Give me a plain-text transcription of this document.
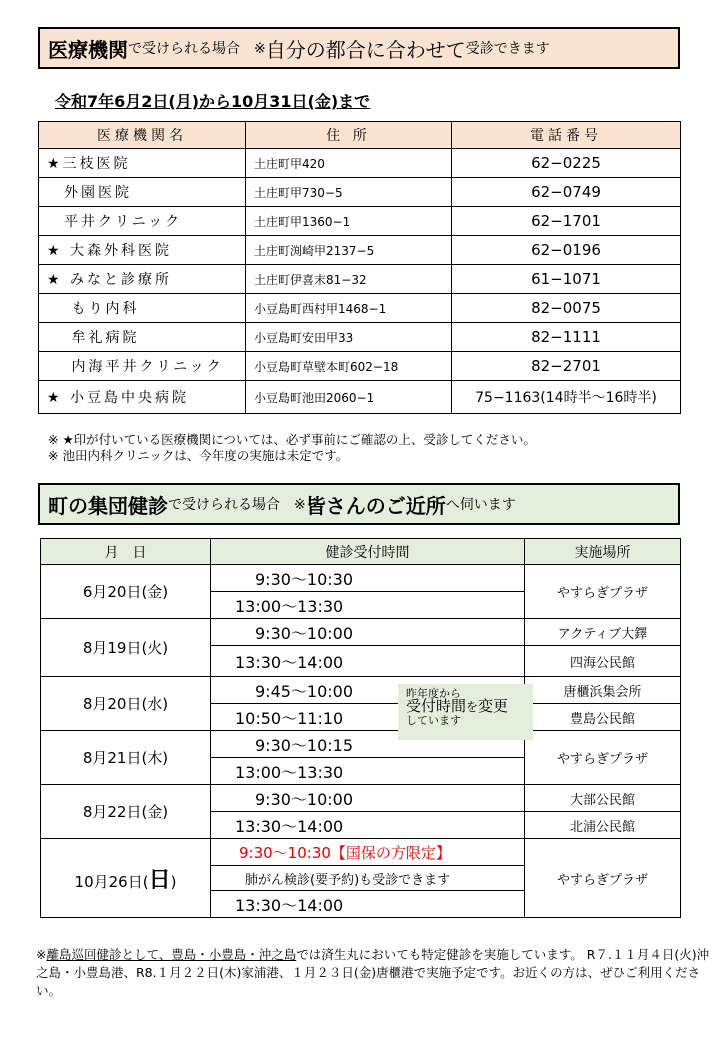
医療機関 で受けられる場合　※ 自分の都合に合わせて 受診できます
令和7年6月2日(月)から10月31日(金)まで
医療機関名	住 所	電話番号
★三枝医院	土庄町甲420	62−0225
　外園医院	土庄町甲730−5	62−0749
　平井クリニック	土庄町甲1360−1	62−1701
★ 大森外科医院	土庄町渕崎甲2137−5	62−0196
★ みなと診療所	土庄町伊喜末81−32	61−1071
　 もり内科	小豆島町西村甲1468−1	82−0075
　 牟礼病院	小豆島町安田甲33	82−1111
　 内海平井クリニック	小豆島町草壁本町602−18	82−2701
★ 小豆島中央病院	小豆島町池田2060−1	75−1163(14時半〜16時半)
※ ★印が付いている医療機関については、必ず事前にご確認の上、受診してください。
※ 池田内科クリニックは、今年度の実施は未定です。
町の集団健診 で受けられる場合　※ 皆さんのご近所 へ伺います
月　日	健診受付時間	実施場所
6月20日(金)	9:30〜10:30	やすらぎプラザ
	13:00〜13:30	
8月19日(火)	9:30〜10:00	アクティブ大鐸
	13:30〜14:00	四海公民館
8月20日(水)	9:45〜10:00	唐櫃浜集会所
	10:50〜11:10	豊島公民館
8月21日(木)	9:30〜10:15	やすらぎプラザ
	13:00〜13:30	
8月22日(金)	9:30〜10:00	大部公民館
	13:30〜14:00	北浦公民館
10月26日(日)	9:30〜10:30【国保の方限定】	やすらぎプラザ
	肺がん検診(要予約)も受診できます	
	13:30〜14:00	
昨年度から
受付時間を変更
しています
※離島巡回健診として、豊島・小豊島・沖之島では済生丸においても特定健診を実施しています。 R７.１１月４日(火)沖之島・小豊島港、R8.１月２２日(木)家浦港、１月２３日(金)唐櫃港で実施予定です。お近くの方は、ぜひご利用ください。
